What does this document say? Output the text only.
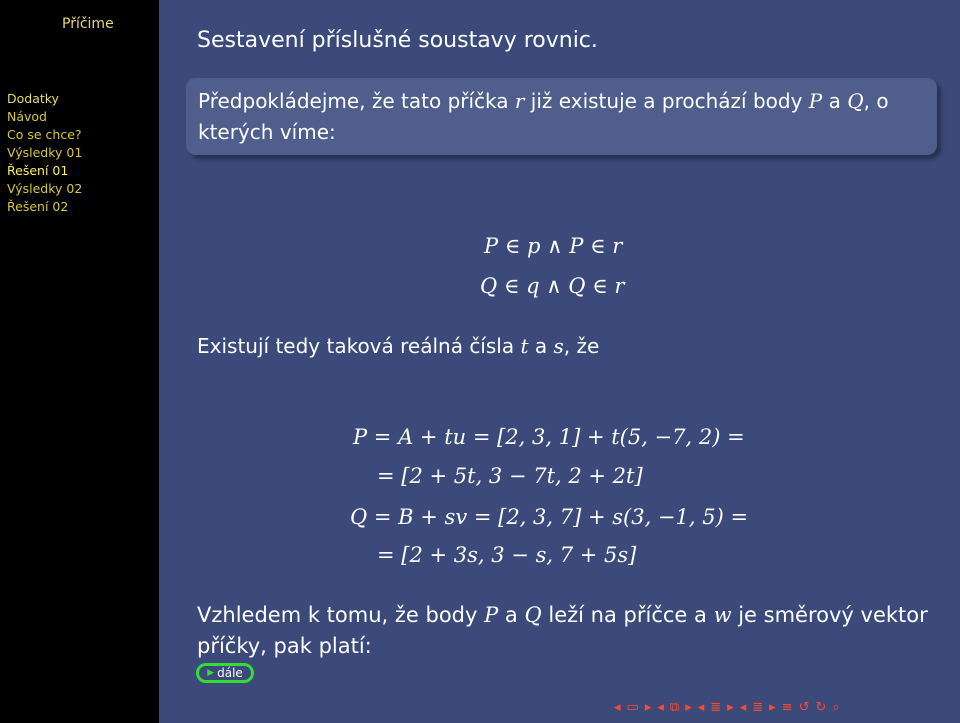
Příčime
Dodatky
Návod
Co se chce?
Výsledky 01
Řešení 01
Výsledky 02
Řešení 02
Sestavení příslušné soustavy rovnic.
Předpokládejme, že tato příčka r již existuje a prochází body P a Q, o kterých víme:
P ∈ p ∧ P ∈ r
Q ∈ q ∧ Q ∈ r
Existují tedy taková reálná čísla t a s, že
P = A + tu = [2, 3, 1] + t(5, −7, 2) =
= [2 + 5t, 3 − 7t, 2 + 2t]
Q = B + sv = [2, 3, 7] + s(3, −1, 5) =
= [2 + 3s, 3 − s, 7 + 5s]
Vzhledem k tomu, že body P a Q leží na příčce a w je směrový vektor příčky, pak platí:
▶ dále
◂ ▭ ▸ ◂ ⧉ ▸ ◂ ≣ ▸ ◂ ≣ ▸ ≡ ↺ ↻ ⌕
